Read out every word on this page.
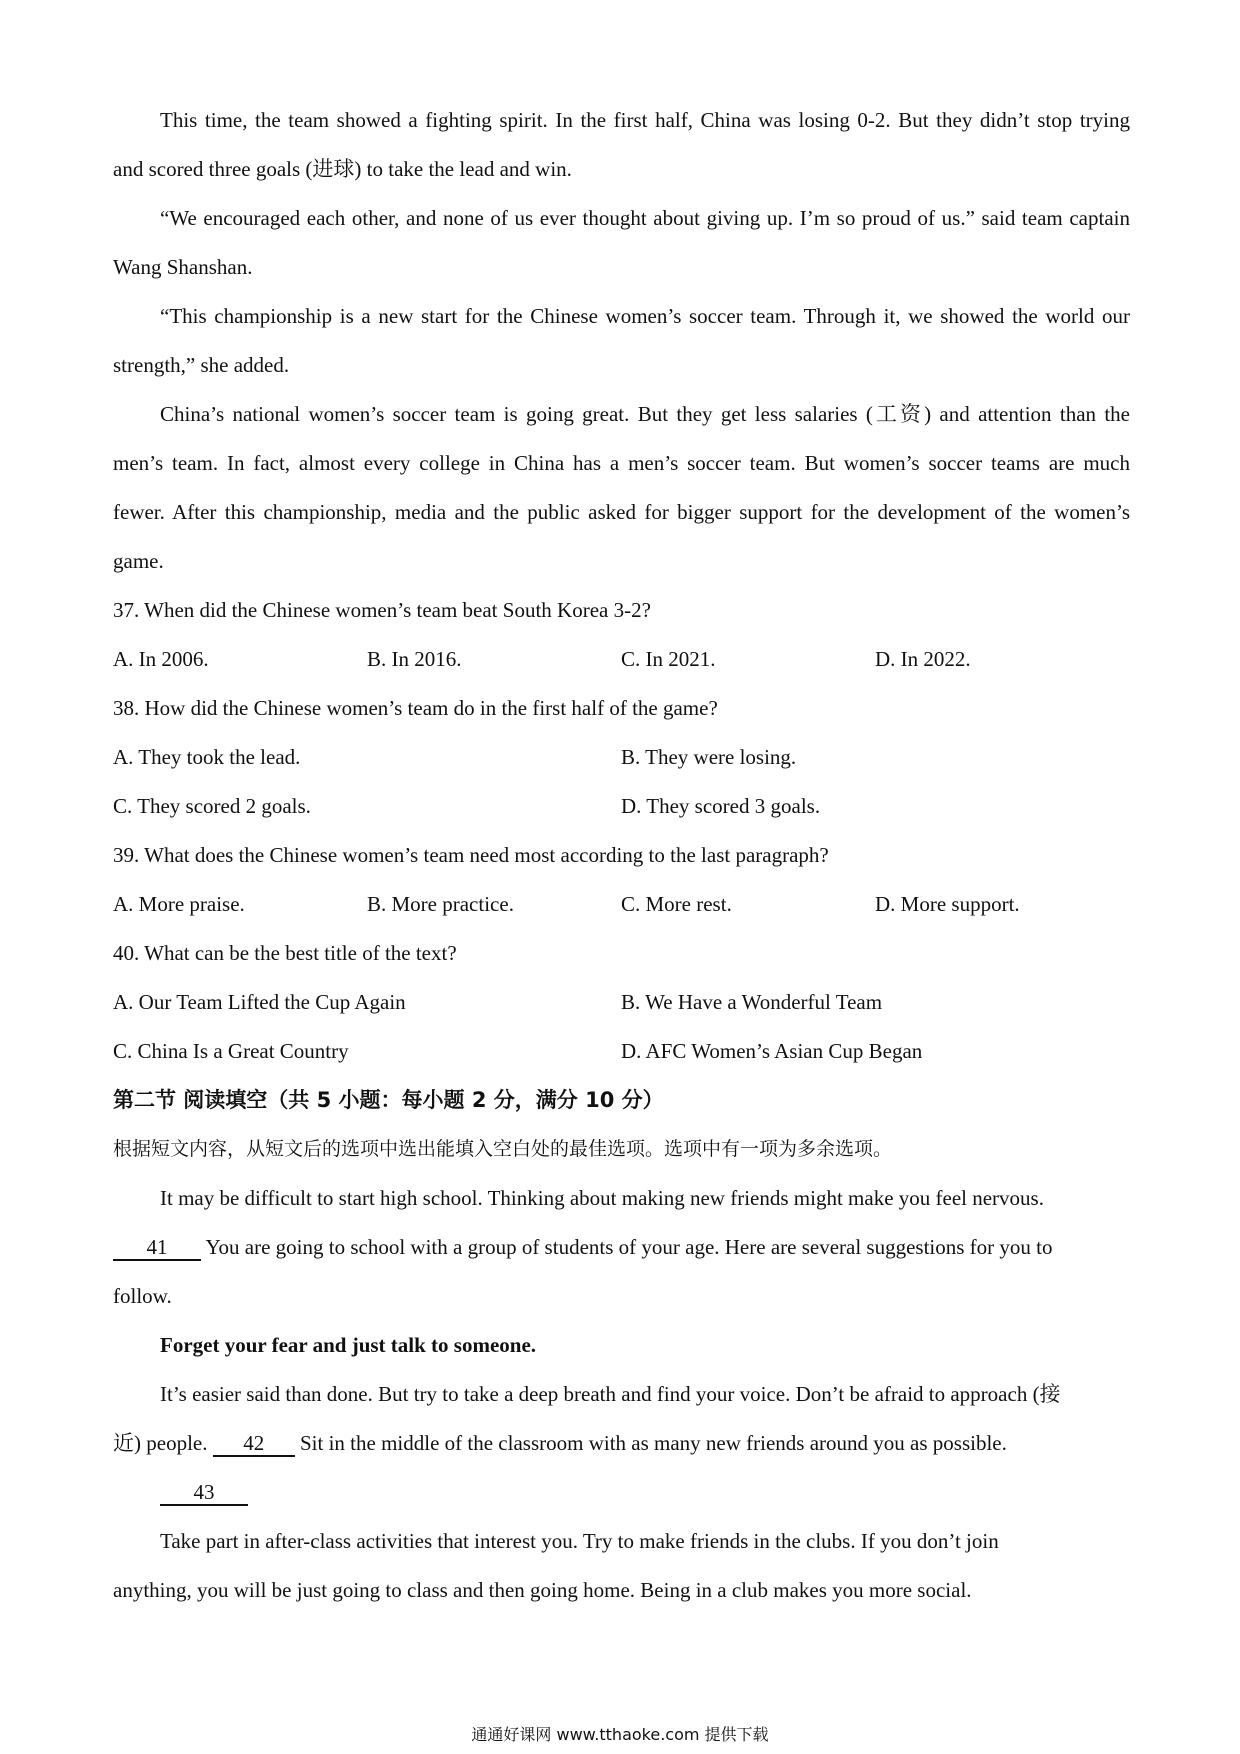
This time, the team showed a fighting spirit. In the first half, China was losing 0-2. But they didn’t stop trying
and scored three goals (进球) to take the lead and win.
“We encouraged each other, and none of us ever thought about giving up. I’m so proud of us.” said team captain
Wang Shanshan.
“This championship is a new start for the Chinese women’s soccer team. Through it, we showed the world our
strength,” she added.
China’s national women’s soccer team is going great. But they get less salaries (工资) and attention than the
men’s team. In fact, almost every college in China has a men’s soccer team. But women’s soccer teams are much
fewer. After this championship, media and the public asked for bigger support for the development of the women’s
game.
37. When did the Chinese women’s team beat South Korea 3-2?
A. In 2006.	B. In 2016.	C. In 2021.	D. In 2022.
38. How did the Chinese women’s team do in the first half of the game?
A. They took the lead.	B. They were losing.
C. They scored 2 goals.	D. They scored 3 goals.
39. What does the Chinese women’s team need most according to the last paragraph?
A. More praise.	B. More practice.	C. More rest.	D. More support.
40. What can be the best title of the text?
A. Our Team Lifted the Cup Again	B. We Have a Wonderful Team
C. China Is a Great Country	D. AFC Women’s Asian Cup Began
第二节 阅读填空（共 5 小题：每小题 2 分，满分 10 分）
根据短文内容，从短文后的选项中选出能填入空白处的最佳选项。选项中有一项为多余选项。
It may be difficult to start high school. Thinking about making new friends might make you feel nervous.
41 You are going to school with a group of students of your age. Here are several suggestions for you to
follow.
Forget your fear and just talk to someone.
It’s easier said than done. But try to take a deep breath and find your voice. Don’t be afraid to approach (接
近) people. 42 Sit in the middle of the classroom with as many new friends around you as possible.
43
Take part in after-class activities that interest you. Try to make friends in the clubs. If you don’t join
anything, you will be just going to class and then going home. Being in a club makes you more social.
通通好课网 www.tthaoke.com 提供下载
